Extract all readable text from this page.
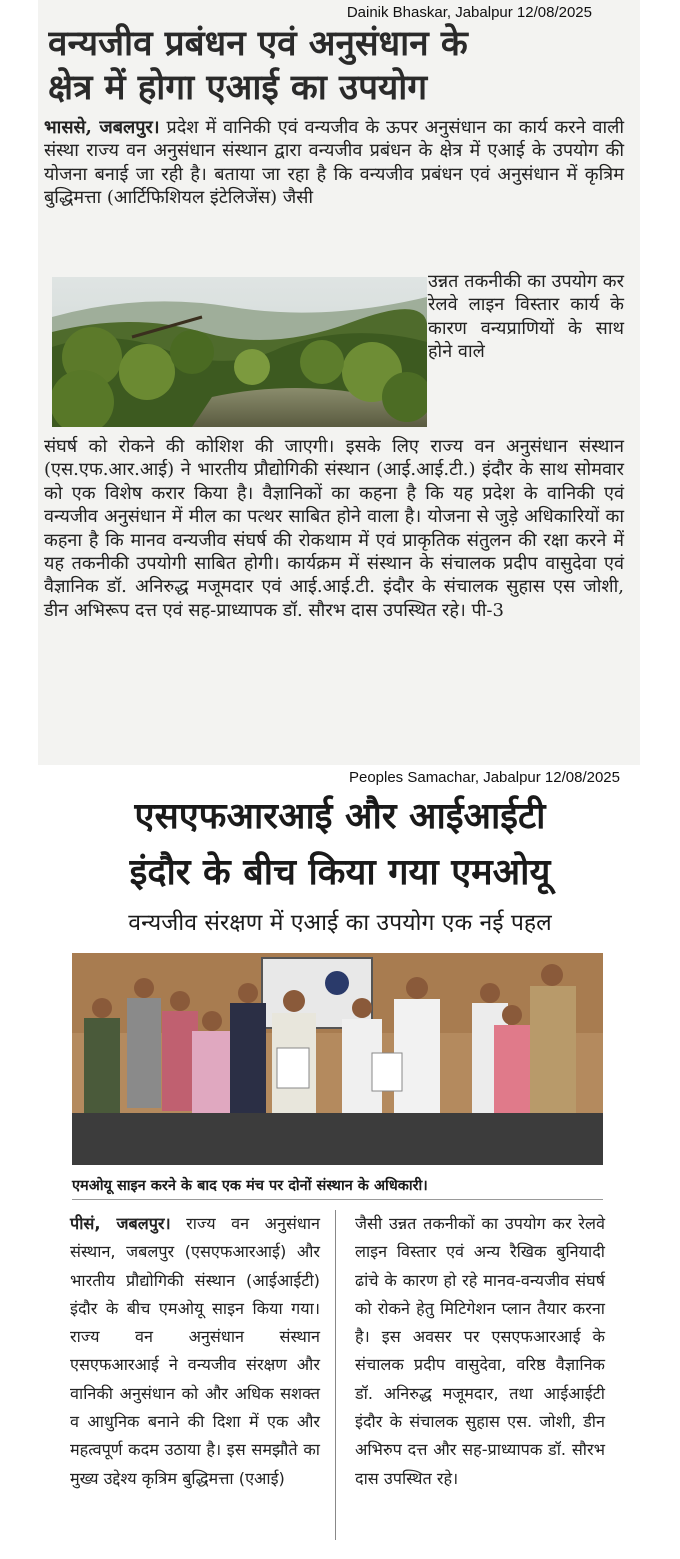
Dainik Bhaskar, Jabalpur 12/08/2025
वन्यजीव प्रबंधन एवं अनुसंधान के
क्षेत्र में होगा एआई का उपयोग
भाससे, जबलपुर। प्रदेश में वानिकी एवं वन्यजीव के ऊपर अनुसंधान का कार्य करने वाली संस्था राज्य वन अनुसंधान संस्थान द्वारा वन्यजीव प्रबंधन के क्षेत्र में एआई के उपयोग की योजना बनाई जा रही है। बताया जा रहा है कि वन्यजीव प्रबंधन एवं अनुसंधान में कृत्रिम बुद्धिमत्ता (आर्टिफिशियल इंटेलिजेंस) जैसी
उन्नत तकनीकी का उपयोग कर रेलवे लाइन विस्तार कार्य के कारण वन्यप्राणियों के साथ होने वाले
संघर्ष को रोकने की कोशिश की जाएगी। इसके लिए राज्य वन अनुसंधान संस्थान (एस.एफ.आर.आई) ने भारतीय प्रौद्योगिकी संस्थान (आई.आई.टी.) इंदौर के साथ सोमवार को एक विशेष करार किया है। वैज्ञानिकों का कहना है कि यह प्रदेश के वानिकी एवं वन्यजीव अनुसंधान में मील का पत्थर साबित होने वाला है। योजना से जुड़े अधिकारियों का कहना है कि मानव वन्यजीव संघर्ष की रोकथाम में एवं प्राकृतिक संतुलन की रक्षा करने में यह तकनीकी उपयोगी साबित होगी। कार्यक्रम में संस्थान के संचालक प्रदीप वासुदेवा एवं वैज्ञानिक डॉ. अनिरुद्ध मजूमदार एवं आई.आई.टी. इंदौर के संचालक सुहास एस जोशी, डीन अभिरूप दत्त एवं सह-प्राध्यापक डॉ. सौरभ दास उपस्थित रहे। पी-3
Peoples Samachar, Jabalpur 12/08/2025
एसएफआरआई और आईआईटी
इंदौर के बीच किया गया एमओयू
वन्यजीव संरक्षण में एआई का उपयोग एक नई पहल
एमओयू साइन करने के बाद एक मंच पर दोनों संस्थान के अधिकारी।
पीसं, जबलपुर। राज्य वन अनुसंधान संस्थान, जबलपुर (एसएफआरआई) और भारतीय प्रौद्योगिकी संस्थान (आईआईटी) इंदौर के बीच एमओयू साइन किया गया। राज्य वन अनुसंधान संस्थान एसएफआरआई ने वन्यजीव संरक्षण और वानिकी अनुसंधान को और अधिक सशक्त व आधुनिक बनाने की दिशा में एक और महत्वपूर्ण कदम उठाया है। इस समझौते का मुख्य उद्देश्य कृत्रिम बुद्धिमत्ता (एआई)
जैसी उन्नत तकनीकों का उपयोग कर रेलवे लाइन विस्तार एवं अन्य रैखिक बुनियादी ढांचे के कारण हो रहे मानव-वन्यजीव संघर्ष को रोकने हेतु मिटिगेशन प्लान तैयार करना है। इस अवसर पर एसएफआरआई के संचालक प्रदीप वासुदेवा, वरिष्ठ वैज्ञानिक डॉ. अनिरुद्ध मजूमदार, तथा आईआईटी इंदौर के संचालक सुहास एस. जोशी, डीन अभिरुप दत्त और सह-प्राध्यापक डॉ. सौरभ दास उपस्थित रहे।
